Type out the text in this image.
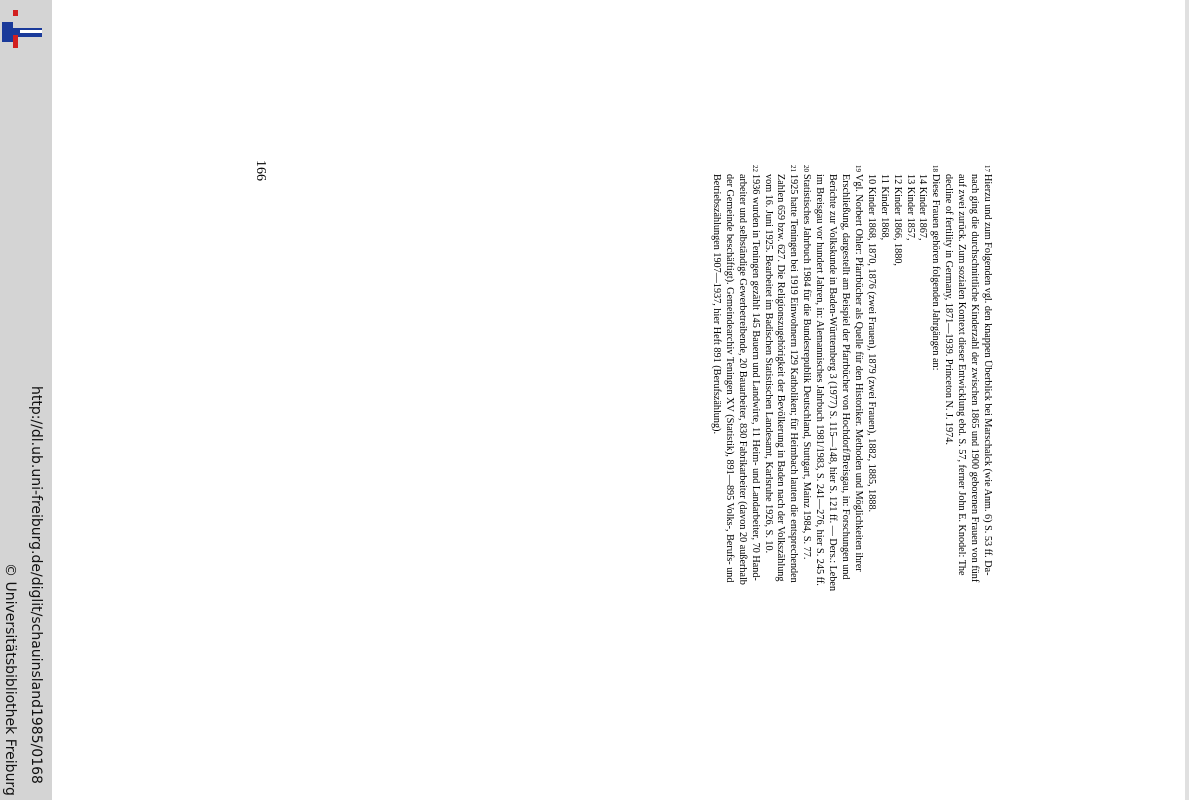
http://dl.ub.uni-freiburg.de/diglit/schauinsland1985/0168
© Universitätsbibliothek Freiburg
166	17Hierzu und zum Folgenden vgl. den knappen Überblick bei Marschalck (wie Anm. 6) S. 53 ff. Da-
nach ging die durchschnittliche Kinderzahl der zwischen 1865 und 1900 geborenen Frauen von fünf
auf zwei zurück. Zum sozialen Kontext dieser Entwicklung ebd. S. 57, ferner John E. Knodel: The
decline of fertility in Germany, 1871—1939. Princeton N. J. 1974.
18Diese Frauen gehören folgenden Jahrgängen an:
14 Kinder 1867,
13 Kinder 1857,
12 Kinder 1866, 1880,
11 Kinder 1868,
10 Kinder 1868, 1870, 1876 (zwei Frauen), 1879 (zwei Frauen), 1882, 1885, 1888.
19Vgl. Norbert Ohler: Pfarrbücher als Quelle für den Historiker. Methoden und Möglichkeiten ihrer
Erschließung, dargestellt am Beispiel der Pfarrbücher von Hochdorf/Breisgau, in: Forschungen und
Berichte zur Volkskunde in Baden-Württemberg 3 (1977) S. 115—148, hier S. 121 ff. — Ders.: Leben
im Breisgau vor hundert Jahren, in: Alemannisches Jahrbuch 1981/1983, S. 241—276, hier S. 245 ff.
20Statistisches Jahrbuch 1984 für die Bundesrepublik Deutschland, Stuttgart, Mainz 1984, S. 77.
211925 hatte Teningen bei 1919 Einwohnern 129 Katholiken; für Heimbach lauten die entsprechenden
Zahlen 659 bzw. 627. Die Religionszugehörigkeit der Bevölkerung in Baden nach der Volkszählung
vom 16. Juni 1925. Bearbeitet im Badischen Statistischen Landesamt, Karlsruhe 1926, S. 10.
221936 wurden in Teningen gezählt 145 Bauern und Landwirte, 11 Heim- und Landarbeiter, 70 Hand-
arbeiter und selbständige Gewerbetreibende, 20 Bauarbeiter, 830 Fabrikarbeiter (davon 20 außerhalb
der Gemeinde beschäftigt). Gemeindearchiv Teningen XV (Statistik), 891—895 Volks-, Berufs- und
Betriebszählungen 1907—1937, hier Heft 891 (Berufszählung).
